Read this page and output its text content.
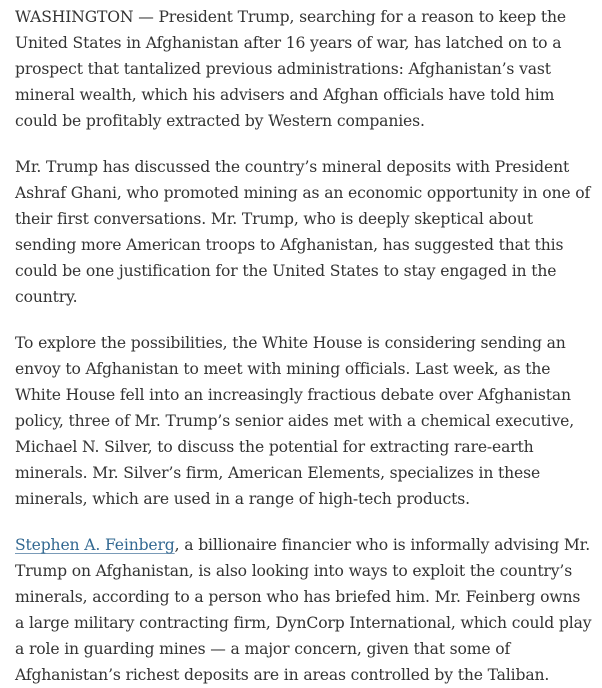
WASHINGTON — President Trump, searching for a reason to keep the United States in Afghanistan after 16 years of war, has latched on to a prospect that tantalized previous administrations: Afghanistan’s vast mineral wealth, which his advisers and Afghan officials have told him could be profitably extracted by Western companies.

Mr. Trump has discussed the country’s mineral deposits with President Ashraf Ghani, who promoted mining as an economic opportunity in one of their first conversations. Mr. Trump, who is deeply skeptical about sending more American troops to Afghanistan, has suggested that this could be one justification for the United States to stay engaged in the country.

To explore the possibilities, the White House is considering sending an envoy to Afghanistan to meet with mining officials. Last week, as the White House fell into an increasingly fractious debate over Afghanistan policy, three of Mr. Trump’s senior aides met with a chemical executive, Michael N. Silver, to discuss the potential for extracting rare-earth minerals. Mr. Silver’s firm, American Elements, specializes in these minerals, which are used in a range of high-tech products.

Stephen A. Feinberg, a billionaire financier who is informally advising Mr. Trump on Afghanistan, is also looking into ways to exploit the country’s minerals, according to a person who has briefed him. Mr. Feinberg owns a large military contracting firm, DynCorp International, which could play a role in guarding mines — a major concern, given that some of Afghanistan’s richest deposits are in areas controlled by the Taliban.
